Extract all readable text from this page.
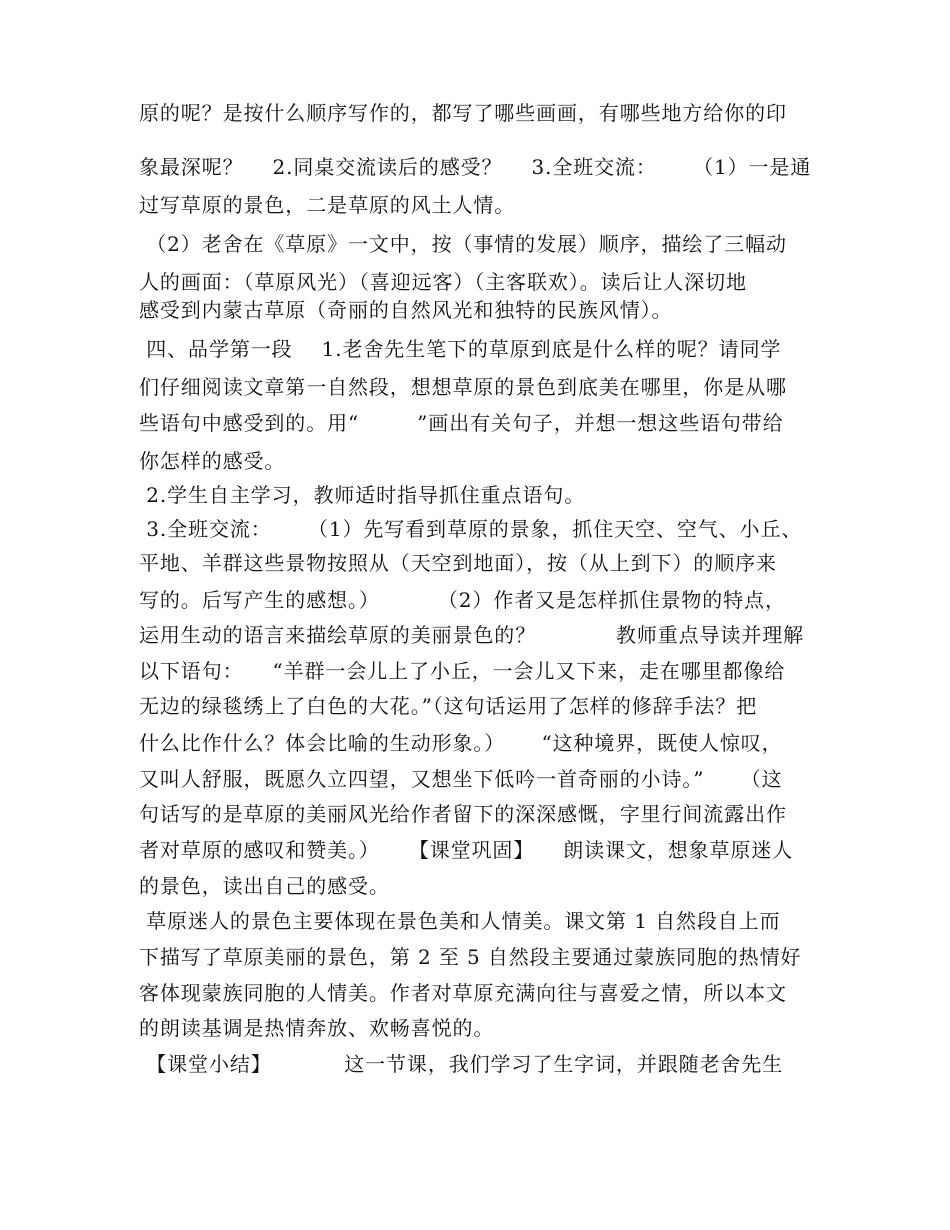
原的呢？是按什么顺序写作的，都写了哪些画画，有哪些地方给你的印
象最深呢？    2.同桌交流读后的感受？    3.全班交流：     （1）一是通
过写草原的景色，二是草原的风土人情。
（2）老舍在《草原》一文中，按（事情的发展）顺序，描绘了三幅动
人的画面：（草原风光）（喜迎远客）（主客联欢）。读后让人深切地
感受到内蒙古草原（奇丽的自然风光和独特的民族风情）。
四、品学第一段    1.老舍先生笔下的草原到底是什么样的呢？请同学
们仔细阅读文章第一自然段，想想草原的景色到底美在哪里，你是从哪
些语句中感受到的。用“        ”画出有关句子，并想一想这些语句带给
你怎样的感受。
2.学生自主学习，教师适时指导抓住重点语句。
3.全班交流：     （1）先写看到草原的景象，抓住天空、空气、小丘、
平地、羊群这些景物按照从（天空到地面），按（从上到下）的顺序来
写的。后写产生的感想。）        （2）作者又是怎样抓住景物的特点，
运用生动的语言来描绘草原的美丽景色的？           教师重点导读并理解
以下语句：    “羊群一会儿上了小丘，一会儿又下来，走在哪里都像给
无边的绿毯绣上了白色的大花。”（这句话运用了怎样的修辞手法？把
什么比作什么？体会比喻的生动形象。）     “这种境界，既使人惊叹，
又叫人舒服，既愿久立四望，又想坐下低吟一首奇丽的小诗。”     （这
句话写的是草原的美丽风光给作者留下的深深感慨，字里行间流露出作
者对草原的感叹和赞美。）    【课堂巩固】    朗读课文，想象草原迷人
的景色，读出自己的感受。
草原迷人的景色主要体现在景色美和人情美。课文第 1 自然段自上而
下描写了草原美丽的景色，第 2 至 5 自然段主要通过蒙族同胞的热情好
客体现蒙族同胞的人情美。作者对草原充满向往与喜爱之情，所以本文
的朗读基调是热情奔放、欢畅喜悦的。
【课堂小结】          这一节课，我们学习了生字词，并跟随老舍先生
